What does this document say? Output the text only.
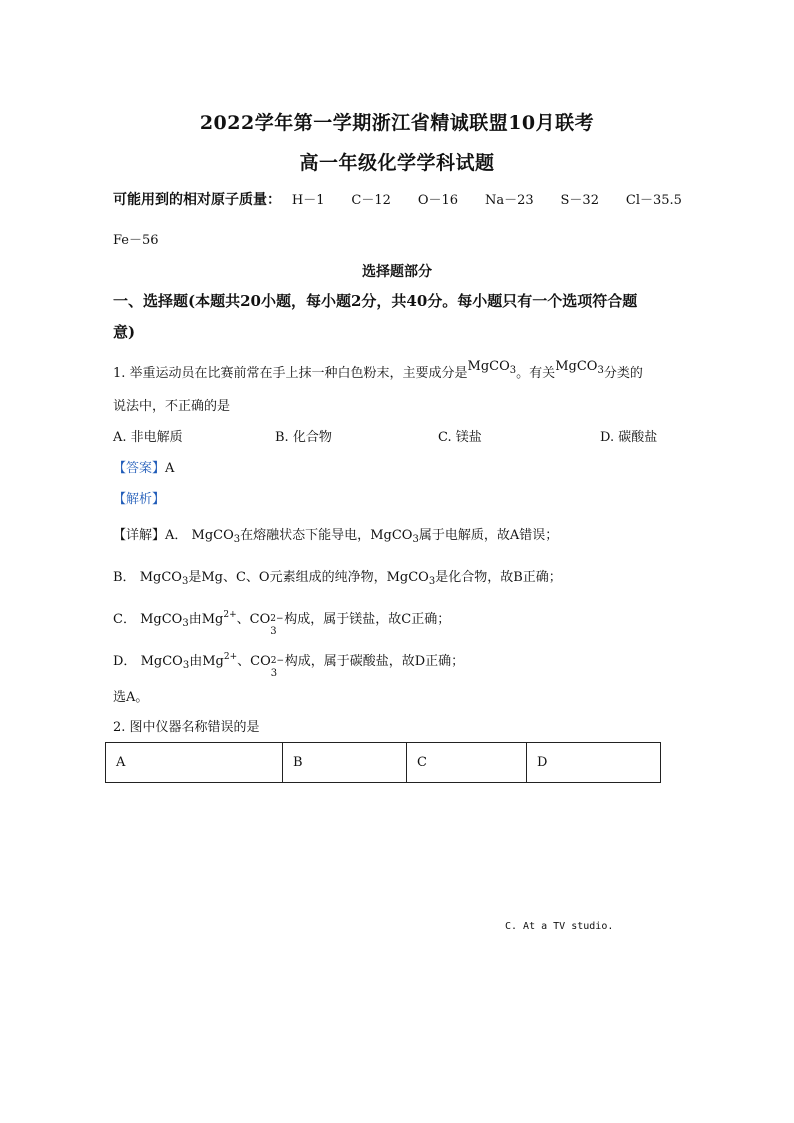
2022学年第一学期浙江省精诚联盟10月联考
高一年级化学学科试题
可能用到的相对原子质量： H－1 C－12 O－16 Na－23 S－32 Cl－35.5
Fe－56
选择题部分
一、选择题(本题共20小题，每小题2分，共40分。每小题只有一个选项符合题
意)
1. 举重运动员在比赛前常在手上抹一种白色粉末，主要成分是MgCO$_3$。有关MgCO$_3$分类的
说法中，不正确的是
A. 非电解质	B. 化合物	C. 镁盐	D. 碳酸盐
【答案】A
【解析】
【详解】A． MgCO$_3$在熔融状态下能导电，MgCO$_3$属于电解质，故A错误；
B． MgCO$_3$是Mg、C、O元素组成的纯净物，MgCO$_3$是化合物，故B正确；
C． MgCO$_3$由$Mg^{2+}$、CO 2−
3
构成，属于镁盐，故C正确；
D． MgCO$_3$由$Mg^{2+}$、CO 2−
3
构成，属于碳酸盐，故D正确；
选A。
2. 图中仪器名称错误的是
A	B	C	D
C. At a TV studio.
